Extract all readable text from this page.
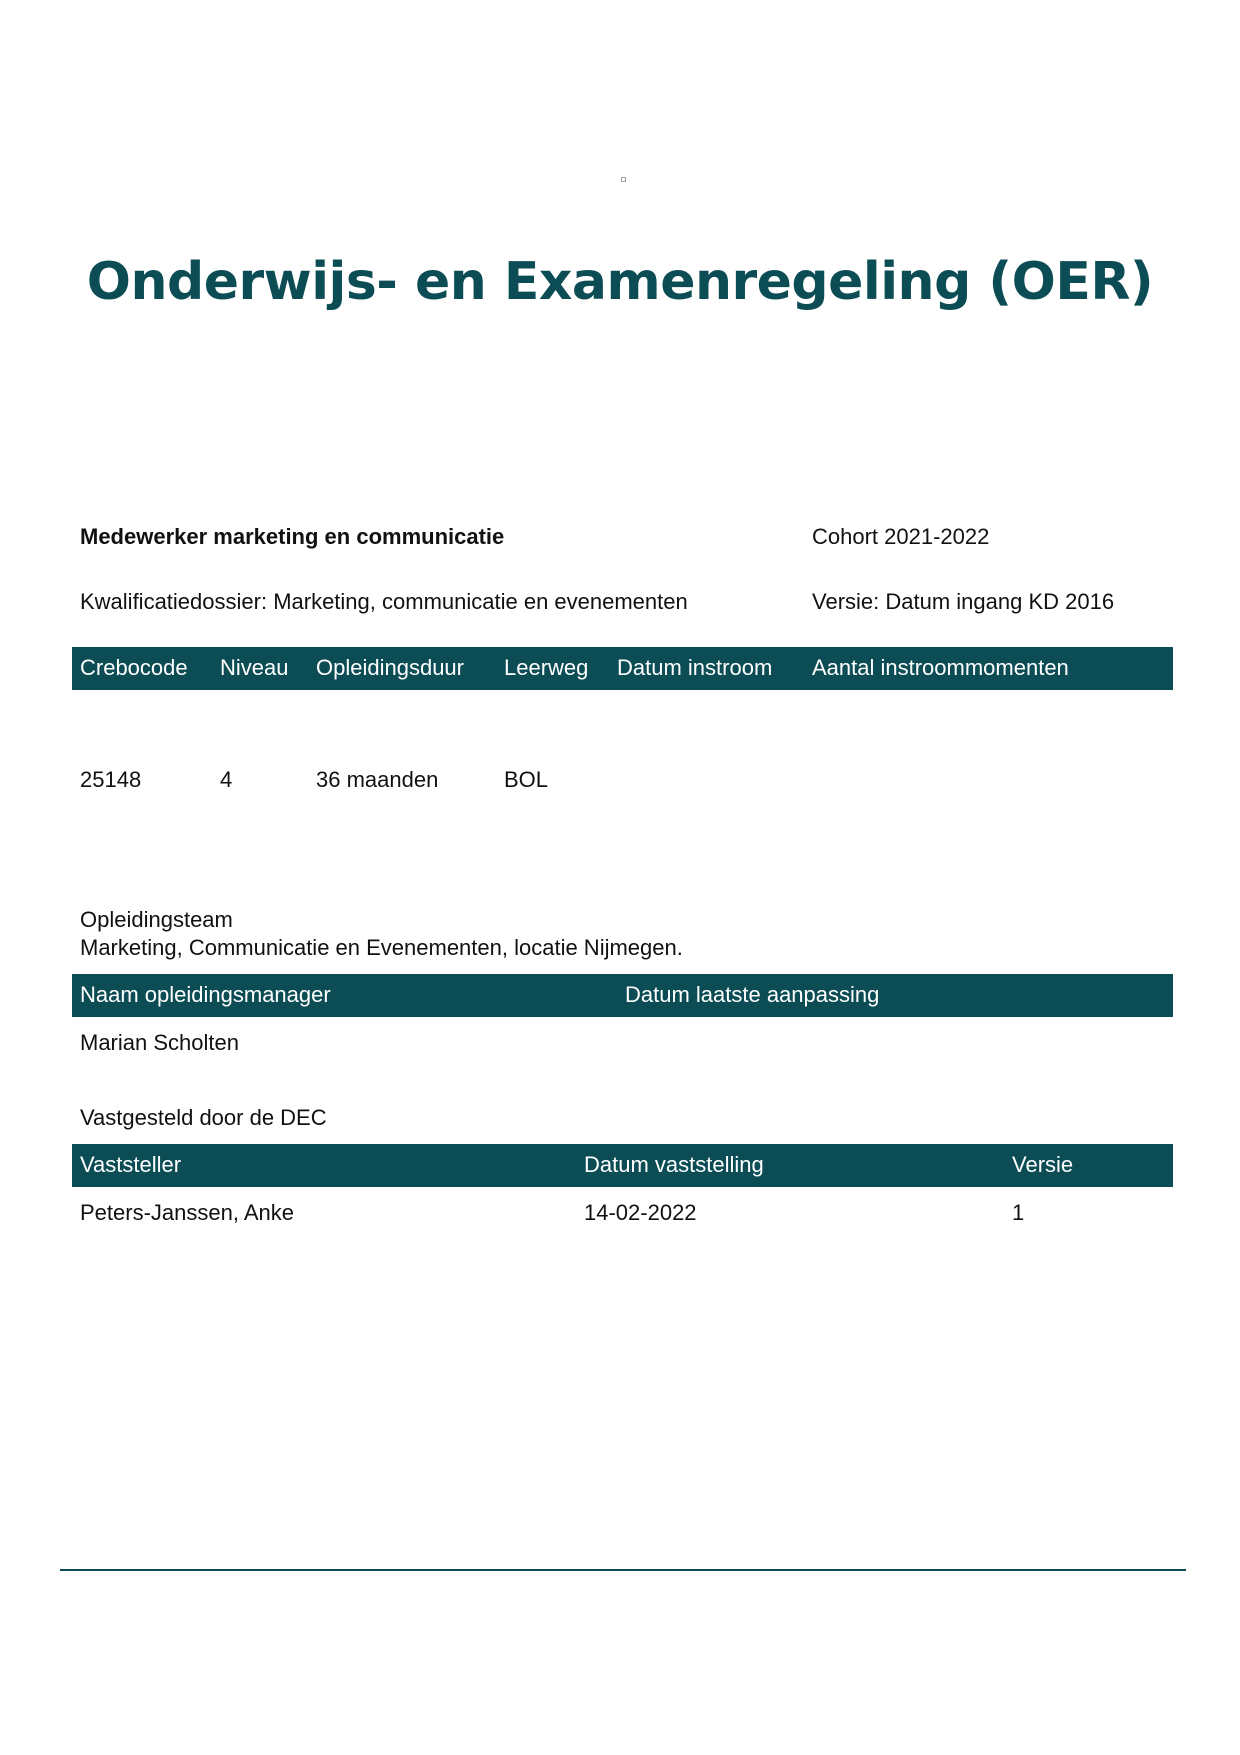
Onderwijs- en Examenregeling (OER)
Medewerker marketing en communicatie	Cohort 2021-2022
Kwalificatiedossier: Marketing, communicatie en evenementen	Versie: Datum ingang KD 2016
Crebocode Niveau Opleidingsduur Leerweg Datum instroom Aantal instroommomenten
25148	4	36 maanden	BOL
Opleidingsteam
Marketing, Communicatie en Evenementen, locatie Nijmegen.
Naam opleidingsmanager	Datum laatste aanpassing
Marian Scholten
Vastgesteld door de DEC
Vaststeller	Datum vaststelling	Versie
Peters-Janssen, Anke	14-02-2022	1
